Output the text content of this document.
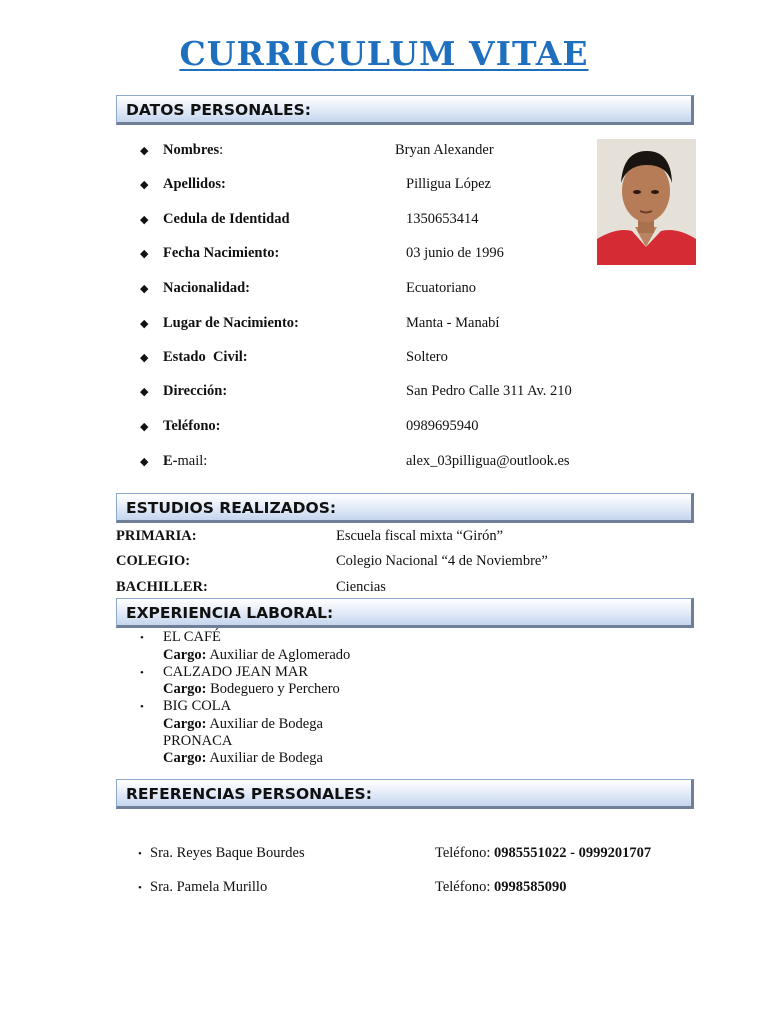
CURRICULUM VITAE
DATOS PERSONALES:
◆ Nombres:	Bryan Alexander
◆ Apellidos:	Pilligua López
◆ Cedula de Identidad	1350653414
◆ Fecha Nacimiento:	03 junio de 1996
◆ Nacionalidad:	Ecuatoriano
◆ Lugar de Nacimiento:	Manta - Manabí
◆ Estado  Civil:	Soltero
◆ Dirección:	San Pedro Calle 311 Av. 210
◆ Teléfono:	0989695940
◆ E-mail:	alex_03pilligua@outlook.es
ESTUDIOS REALIZADOS:
PRIMARIA:	Escuela fiscal mixta “Girón”
COLEGIO:	Colegio Nacional “4 de Noviembre”
BACHILLER:	Ciencias
EXPERIENCIA LABORAL:
• EL CAFÉ
Cargo: Auxiliar de Aglomerado
• CALZADO JEAN MAR
Cargo: Bodeguero y Perchero
• BIG COLA
Cargo: Auxiliar de Bodega
PRONACA
Cargo: Auxiliar de Bodega
REFERENCIAS PERSONALES:
• Sra. Reyes Baque Bourdes	Teléfono: 0985551022 - 0999201707
• Sra. Pamela Murillo	Teléfono: 0998585090
